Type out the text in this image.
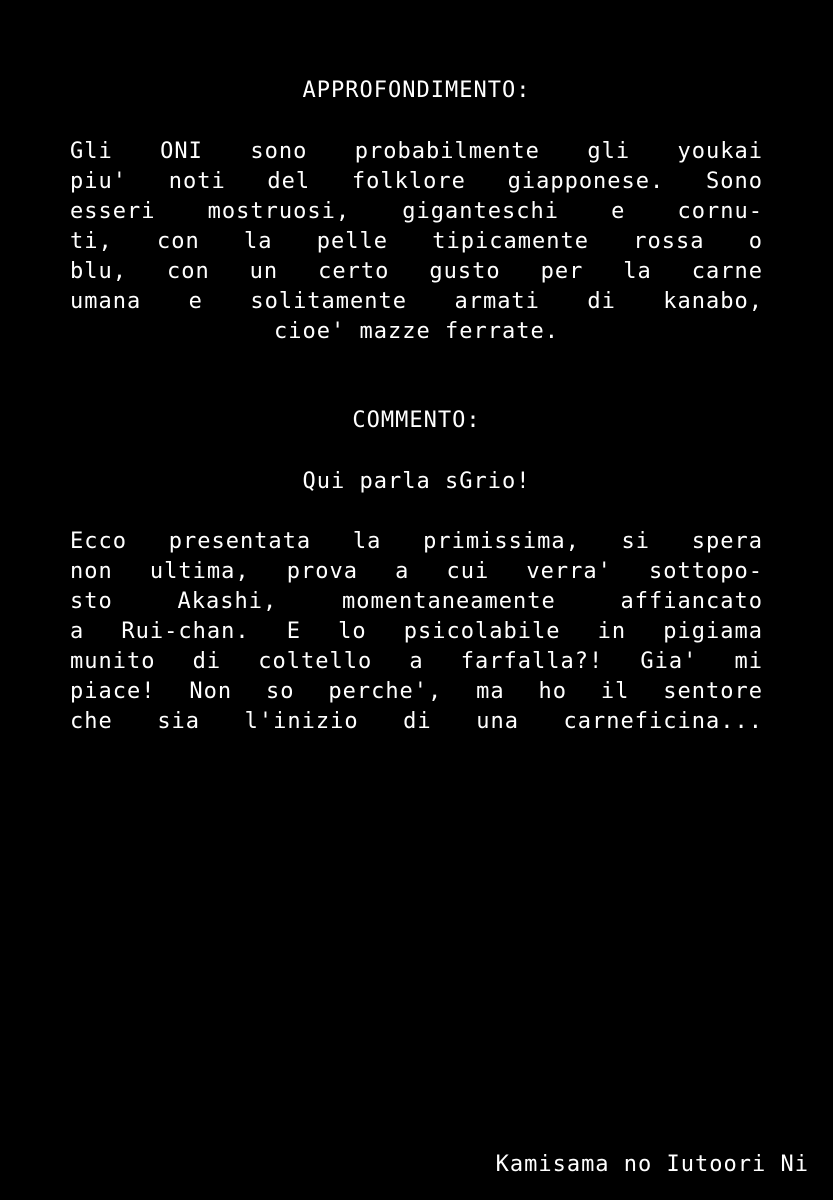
APPROFONDIMENTO:
Gli ONI sono probabilmente gli youkai
piu' noti del folklore giapponese. Sono
esseri mostruosi, giganteschi e cornu-
ti, con la pelle tipicamente rossa o
blu, con un certo gusto per la carne
umana e solitamente armati di kanabo,
cioe' mazze ferrate.
COMMENTO:

Qui parla sGrio!

Ecco presentata la primissima, si spera
non ultima, prova a cui verra' sottopo-
sto Akashi, momentaneamente affiancato
a Rui-chan. E lo psicolabile in pigiama
munito di coltello a farfalla?! Gia' mi
piace! Non so perche', ma ho il sentore
che sia l'inizio di una carneficina...
Kamisama no Iutoori Ni
